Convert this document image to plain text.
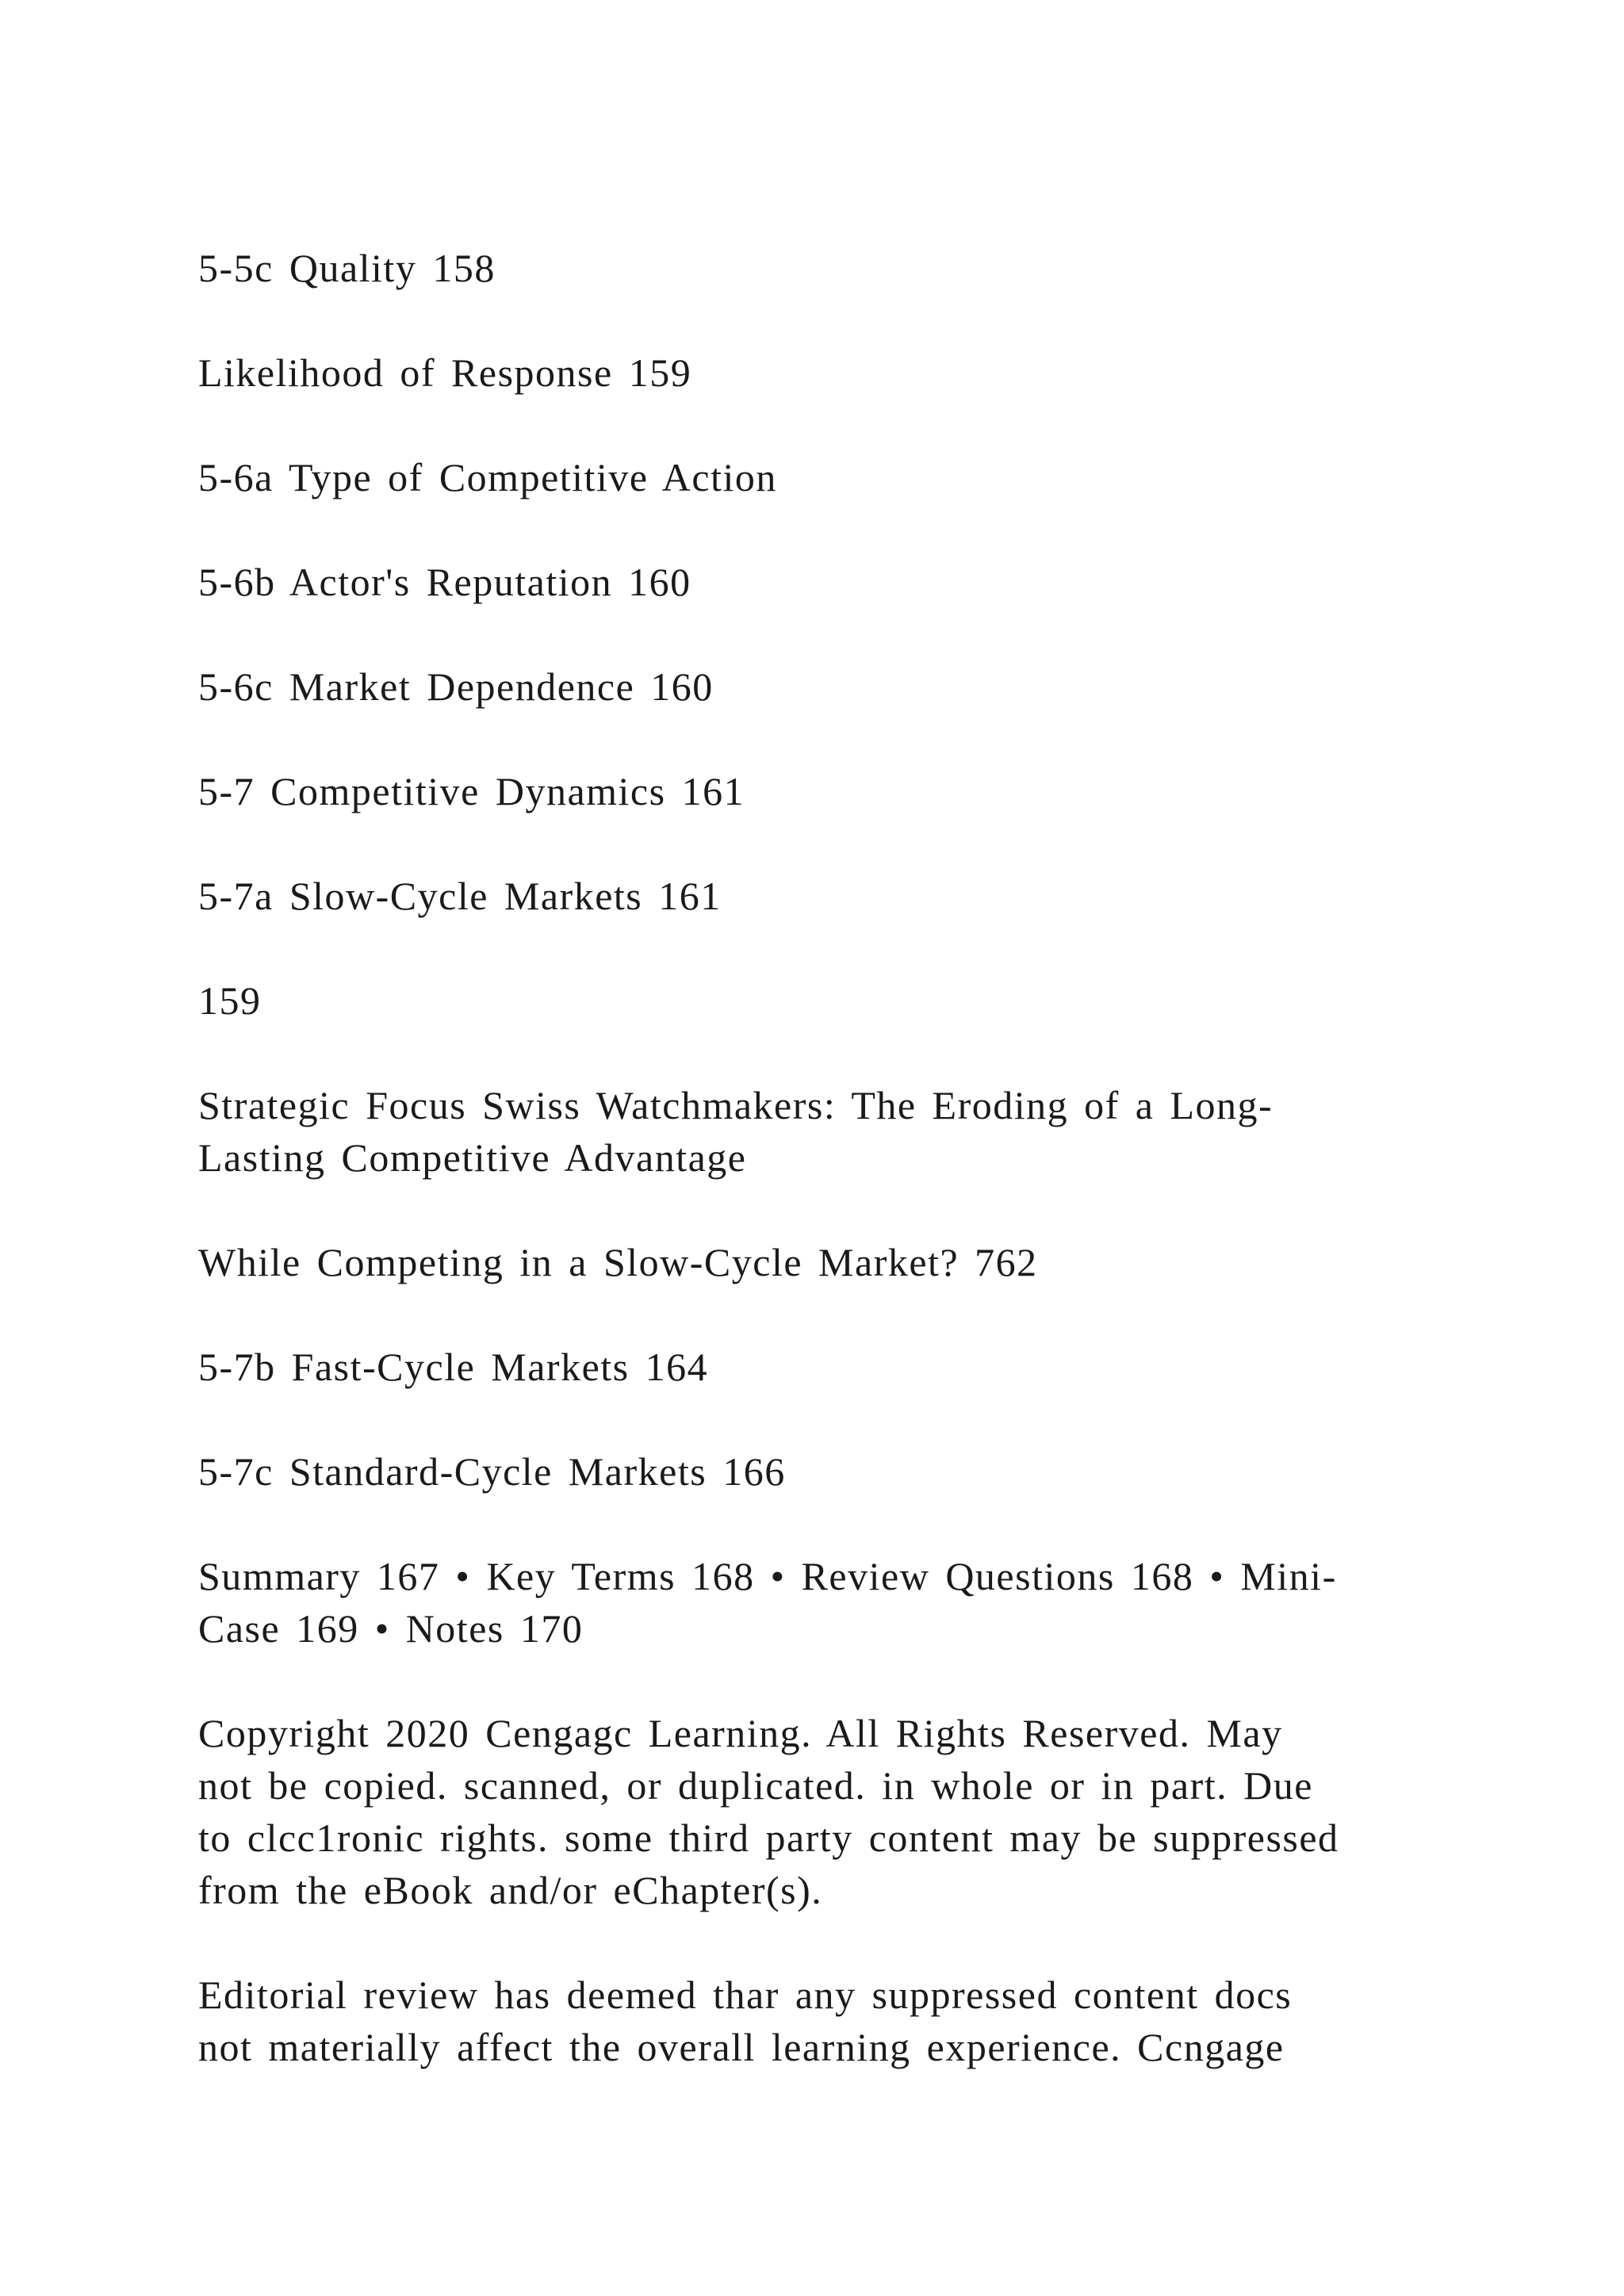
5-5c Quality 158
Likelihood of Response 159
5-6a Type of Competitive Action
5-6b Actor's Reputation 160
5-6c Market Dependence 160
5-7 Competitive Dynamics 161
5-7a Slow-Cycle Markets 161
159
Strategic Focus Swiss Watchmakers: The Eroding of a Long-
Lasting Competitive Advantage
While Competing in a Slow-Cycle Market? 762
5-7b Fast-Cycle Markets 164
5-7c Standard-Cycle Markets 166
Summary 167 • Key Terms 168 • Review Questions 168 • Mini-
Case 169 • Notes 170
Copyright 2020 Cengagc Learning. All Rights Reserved. May
not be copied. scanned, or duplicated. in whole or in part. Due
to clcc1ronic rights. some third party content may be suppressed
from the eBook and/or eChapter(s).
Editorial review has deemed thar any suppressed content docs
not materially affect the overall learning experience. Ccngage
